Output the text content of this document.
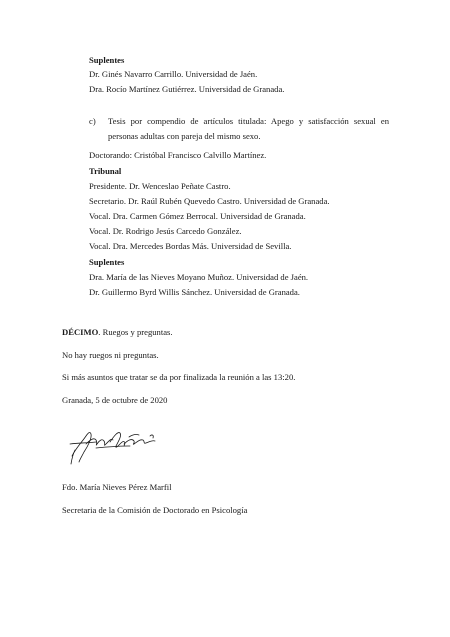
Suplentes
Dr. Ginés Navarro Carrillo. Universidad de Jaén.
Dra. Rocío Martínez Gutiérrez. Universidad de Granada.
c) Tesis por compendio de artículos titulada: Apego y satisfacción sexual en
personas adultas con pareja del mismo sexo.
Doctorando: Cristóbal Francisco Calvillo Martínez.
Tribunal
Presidente. Dr. Wenceslao Peñate Castro.
Secretario. Dr. Raúl Rubén Quevedo Castro. Universidad de Granada.
Vocal. Dra. Carmen Gómez Berrocal. Universidad de Granada.
Vocal. Dr. Rodrigo Jesús Carcedo González.
Vocal. Dra. Mercedes Bordas Más. Universidad de Sevilla.
Suplentes
Dra. María de las Nieves Moyano Muñoz. Universidad de Jaén.
Dr. Guillermo Byrd Willis Sánchez. Universidad de Granada.
DÉCIMO. Ruegos y preguntas.
No hay ruegos ni preguntas.
Si más asuntos que tratar se da por finalizada la reunión a las 13:20.
Granada, 5 de octubre de 2020
Fdo. María Nieves Pérez Marfil
Secretaria de la Comisión de Doctorado en Psicología
